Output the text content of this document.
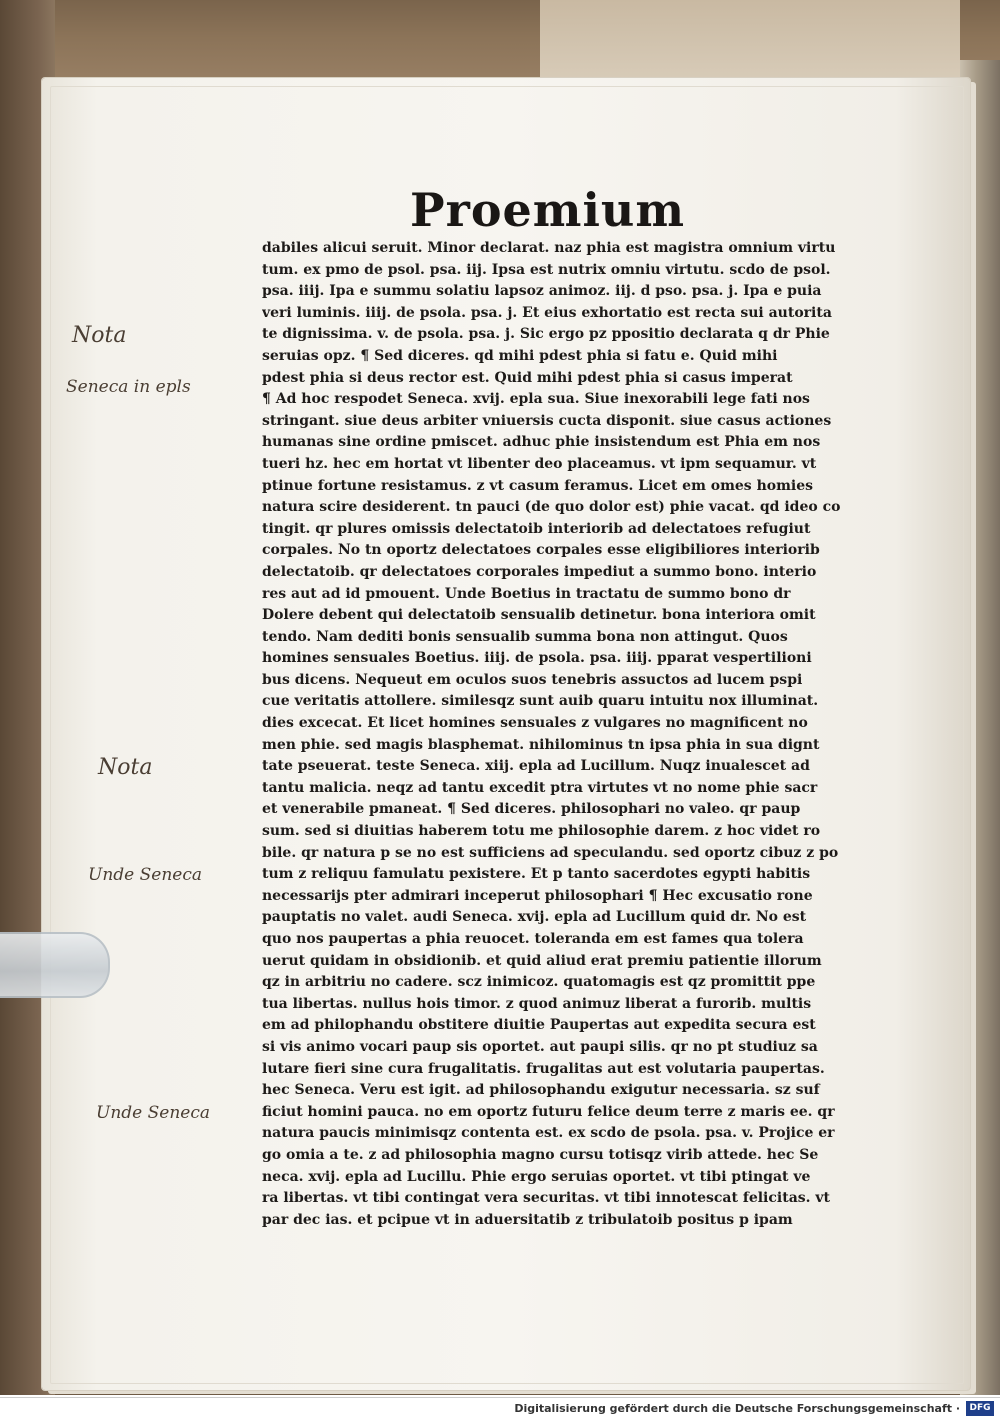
Proemium
dabiles alicui seruit. Minor declarat. naz phia est magistra omnium virtu
tum. ex pmo de psol. psa. iij. Ipsa est nutrix omniu virtutu. scdo de psol.
psa. iiij. Ipa e summu solatiu lapsoz animoz. iij. d pso. psa. j. Ipa e puia
veri luminis. iiij. de psola. psa. j. Et eius exhortatio est recta sui autorita
te dignissima. v. de psola. psa. j. Sic ergo pz ppositio declarata q dr Phie
seruias opz. ¶ Sed diceres. qd mihi pdest phia si fatu e. Quid mihi
pdest phia si deus rector est. Quid mihi pdest phia si casus imperat
¶ Ad hoc respodet Seneca. xvij. epla sua. Siue inexorabili lege fati nos
stringant. siue deus arbiter vniuersis cucta disponit. siue casus actiones
humanas sine ordine pmiscet. adhuc phie insistendum est Phia em nos
tueri hz. hec em hortat vt libenter deo placeamus. vt ipm sequamur. vt
ptinue fortune resistamus. z vt casum feramus. Licet em omes homies
natura scire desiderent. tn pauci (de quo dolor est) phie vacat. qd ideo co
tingit. qr plures omissis delectatoib interiorib ad delectatoes refugiut
corpales. No tn oportz delectatoes corpales esse eligibiliores interiorib
delectatoib. qr delectatoes corporales impediut a summo bono. interio
res aut ad id pmouent. Unde Boetius in tractatu de summo bono dr
Dolere debent qui delectatoib sensualib detinetur. bona interiora omit
tendo. Nam dediti bonis sensualib summa bona non attingut. Quos
homines sensuales Boetius. iiij. de psola. psa. iiij. pparat vespertilioni
bus dicens. Nequeut em oculos suos tenebris assuctos ad lucem pspi
cue veritatis attollere. similesqz sunt auib quaru intuitu nox illuminat.
dies excecat. Et licet homines sensuales z vulgares no magnificent no
men phie. sed magis blasphemat. nihilominus tn ipsa phia in sua dignt
tate pseuerat. teste Seneca. xiij. epla ad Lucillum. Nuqz inualescet ad
tantu malicia. neqz ad tantu excedit ptra virtutes vt no nome phie sacr
et venerabile pmaneat. ¶ Sed diceres. philosophari no valeo. qr paup
sum. sed si diuitias haberem totu me philosophie darem. z hoc videt ro
bile. qr natura p se no est sufficiens ad speculandu. sed oportz cibuz z po
tum z reliquu famulatu pexistere. Et p tanto sacerdotes egypti habitis
necessarijs pter admirari inceperut philosophari ¶ Hec excusatio rone
pauptatis no valet. audi Seneca. xvij. epla ad Lucillum quid dr. No est
quo nos paupertas a phia reuocet. toleranda em est fames qua tolera
uerut quidam in obsidionib. et quid aliud erat premiu patientie illorum
qz in arbitriu no cadere. scz inimicoz. quatomagis est qz promittit ppe
tua libertas. nullus hois timor. z quod animuz liberat a furorib. multis
em ad philophandu obstitere diuitie Paupertas aut expedita secura est
si vis animo vocari paup sis oportet. aut paupi silis. qr no pt studiuz sa
lutare fieri sine cura frugalitatis. frugalitas aut est volutaria paupertas.
hec Seneca. Veru est igit. ad philosophandu exigutur necessaria. sz suf
ficiut homini pauca. no em oportz futuru felice deum terre z maris ee. qr
natura paucis minimisqz contenta est. ex scdo de psola. psa. v. Projice er
go omia a te. z ad philosophia magno cursu totisqz virib attede. hec Se
neca. xvij. epla ad Lucillu. Phie ergo seruias oportet. vt tibi ptingat ve
ra libertas. vt tibi contingat vera securitas. vt tibi innotescat felicitas. vt
par dec ias. et pcipue vt in aduersitatib z tribulatoib positus p ipam
Nota
Seneca in epls
Nota
Unde Seneca
Unde Seneca
Digitalisierung gefördert durch die Deutsche Forschungsgemeinschaft ·	DFG
